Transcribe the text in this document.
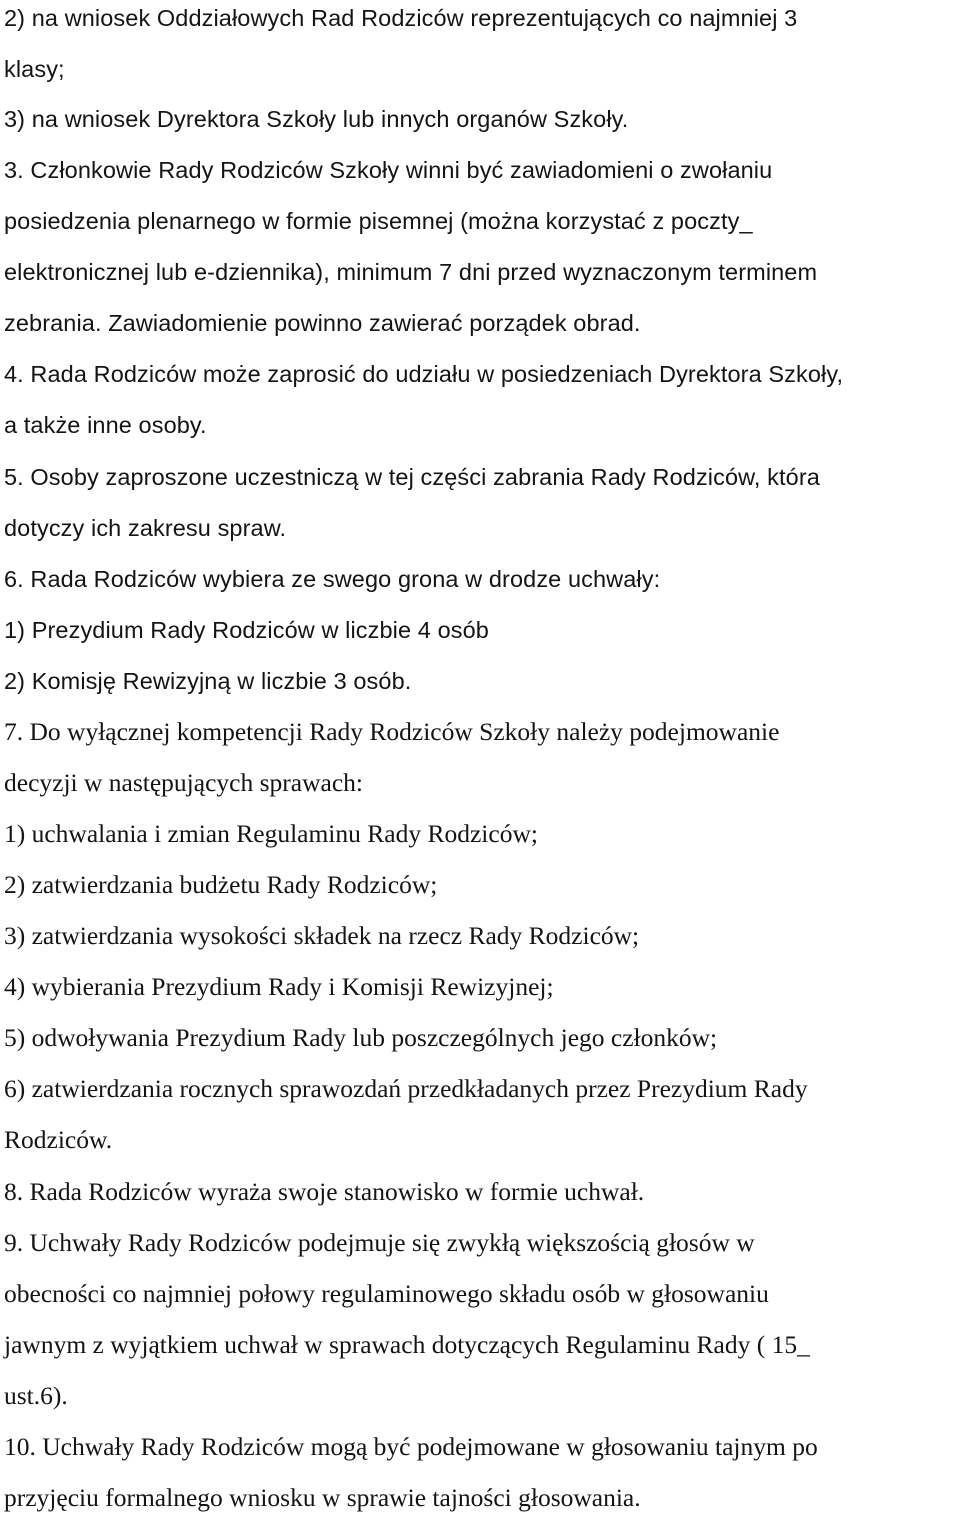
2) na wniosek Oddziałowych Rad Rodziców reprezentujących co najmniej 3
klasy;
3) na wniosek Dyrektora Szkoły lub innych organów Szkoły.
3. Członkowie Rady Rodziców Szkoły winni być zawiadomieni o zwołaniu
posiedzenia plenarnego w formie pisemnej (można korzystać z poczty_
elektronicznej lub e-dziennika), minimum 7 dni przed wyznaczonym terminem
zebrania. Zawiadomienie powinno zawierać porządek obrad.
4. Rada Rodziców może zaprosić do udziału w posiedzeniach Dyrektora Szkoły,
a także inne osoby.
5. Osoby zaproszone uczestniczą w tej części zabrania Rady Rodziców, która
dotyczy ich zakresu spraw.
6. Rada Rodziców wybiera ze swego grona w drodze uchwały:
1) Prezydium Rady Rodziców w liczbie 4 osób
2) Komisję Rewizyjną w liczbie 3 osób.
7. Do wyłącznej kompetencji Rady Rodziców Szkoły należy podejmowanie
decyzji w następujących sprawach:
1) uchwalania i zmian Regulaminu Rady Rodziców;
2) zatwierdzania budżetu Rady Rodziców;
3) zatwierdzania wysokości składek na rzecz Rady Rodziców;
4) wybierania Prezydium Rady i Komisji Rewizyjnej;
5) odwoływania Prezydium Rady lub poszczególnych jego członków;
6) zatwierdzania rocznych sprawozdań przedkładanych przez Prezydium Rady
Rodziców.
8. Rada Rodziców wyraża swoje stanowisko w formie uchwał.
9. Uchwały Rady Rodziców podejmuje się zwykłą większością głosów w
obecności co najmniej połowy regulaminowego składu osób w głosowaniu
jawnym z wyjątkiem uchwał w sprawach dotyczących Regulaminu Rady ( 15_
ust.6).
10. Uchwały Rady Rodziców mogą być podejmowane w głosowaniu tajnym po
przyjęciu formalnego wniosku w sprawie tajności głosowania.
